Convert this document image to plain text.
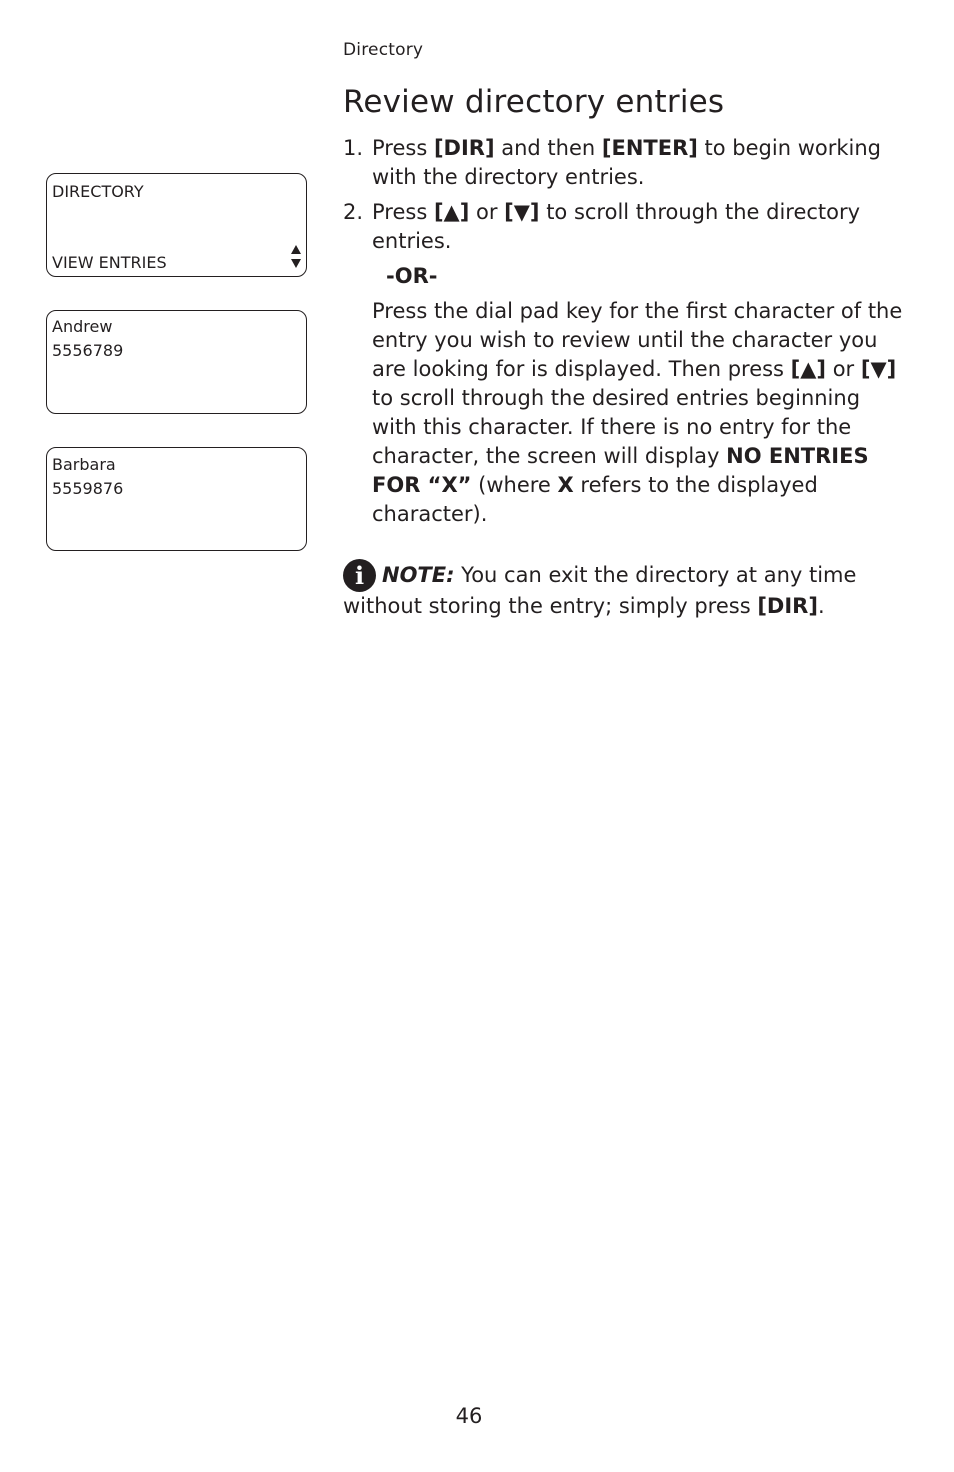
Directory
Review directory entries
DIRECTORY
VIEW ENTRIES
Andrew
5556789
Barbara
5559876
1. Press [DIR] and then [ENTER] to begin working with the directory entries.
2. Press [▲] or [▼] to scroll through the directory entries.
-OR-
Press the dial pad key for the first character of the entry you wish to review until the character you are looking for is displayed. Then press [▲] or [▼] to scroll through the desired entries beginning with this character. If there is no entry for the character, the screen will display NO ENTRIES FOR “X” (where X refers to the displayed character).
i NOTE: You can exit the directory at any time without storing the entry; simply press [DIR].
46
